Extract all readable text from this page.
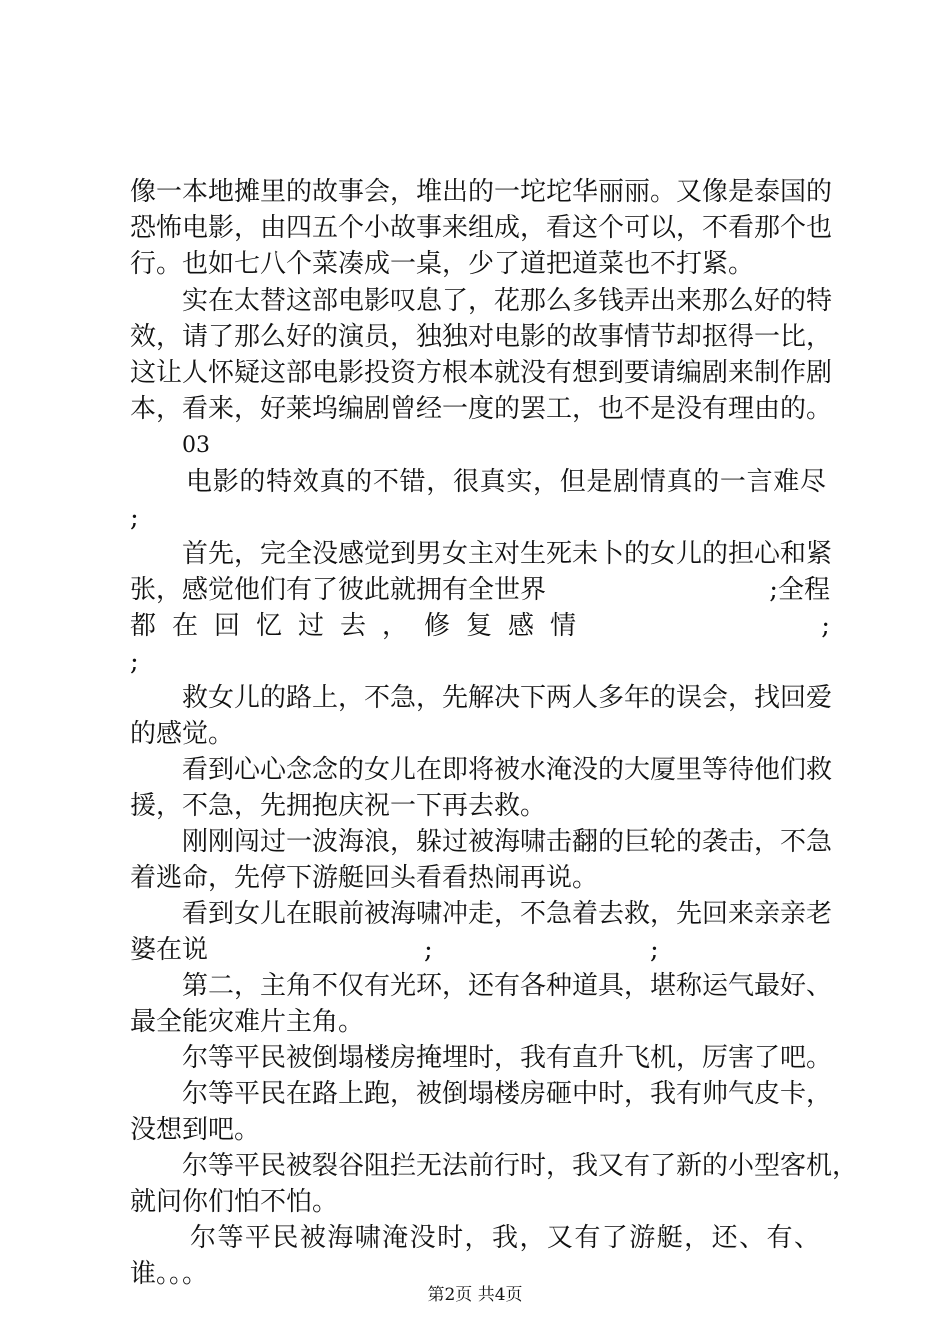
像一本地摊里的故事会，堆出的一坨坨华丽丽。又像是泰国的
恐怖电影，由四五个小故事来组成，看这个可以，不看那个也
行。也如七八个菜凑成一桌，少了道把道菜也不打紧。
实在太替这部电影叹息了，花那么多钱弄出来那么好的特
效，请了那么好的演员，独独对电影的故事情节却抠得一比，
这让人怀疑这部电影投资方根本就没有想到要请编剧来制作剧
本，看来，好莱坞编剧曾经一度的罢工，也不是没有理由的。
03
电影的特效真的不错，很真实，但是剧情真的一言难尽
;
首先，完全没感觉到男女主对生死未卜的女儿的担心和紧
张，感觉他们有了彼此就拥有全世界	;全程
都在回忆过去，修复感情	;
;
救女儿的路上，不急，先解决下两人多年的误会，找回爱
的感觉。
看到心心念念的女儿在即将被水淹没的大厦里等待他们救
援，不急，先拥抱庆祝一下再去救。
刚刚闯过一波海浪，躲过被海啸击翻的巨轮的袭击，不急
着逃命，先停下游艇回头看看热闹再说。
看到女儿在眼前被海啸冲走，不急着去救，先回来亲亲老
婆在说	;	;
第二，主角不仅有光环，还有各种道具，堪称运气最好、
最全能灾难片主角。
尔等平民被倒塌楼房掩埋时，我有直升飞机，厉害了吧。
尔等平民在路上跑，被倒塌楼房砸中时，我有帅气皮卡，
没想到吧。
尔等平民被裂谷阻拦无法前行时，我又有了新的小型客机，
就问你们怕不怕。
尔等平民被海啸淹没时，我，又有了游艇，还、有、
谁。。。
第2页 共4页
